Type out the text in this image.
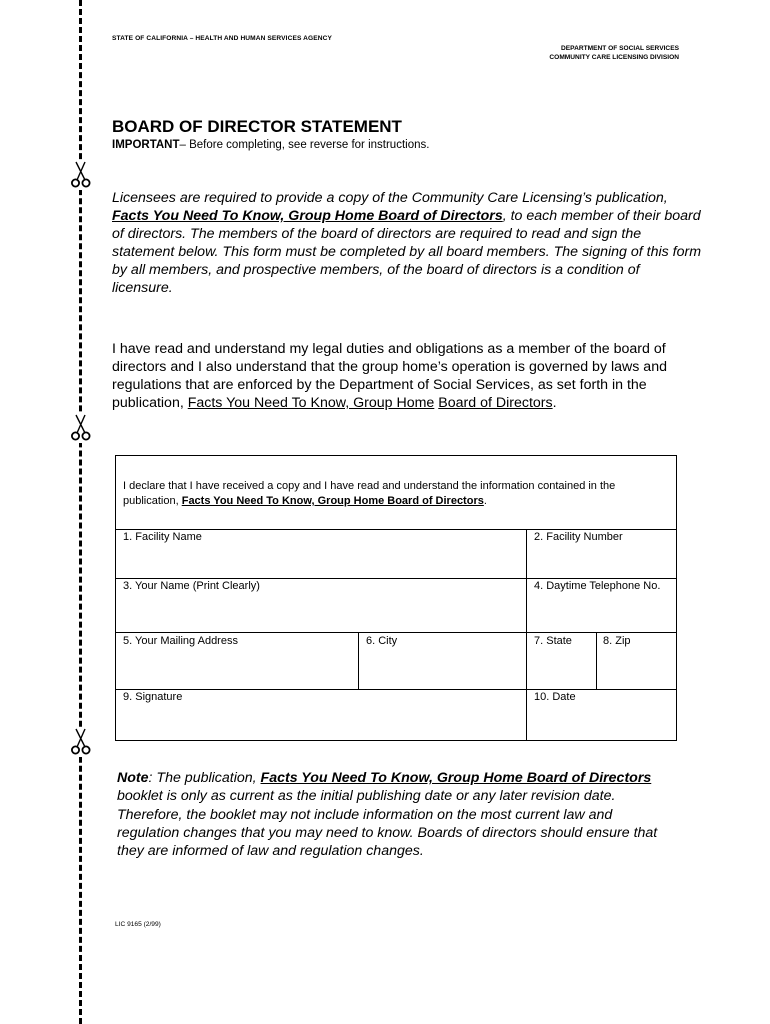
STATE OF CALIFORNIA – HEALTH AND HUMAN SERVICES AGENCY
DEPARTMENT OF SOCIAL SERVICES
COMMUNITY CARE LICENSING DIVISION
BOARD OF DIRECTOR STATEMENT
IMPORTANT– Before completing, see reverse for instructions.
Licensees are required to provide a copy of the Community Care Licensing’s publication, Facts You Need To Know, Group Home Board of Directors, to each member of their board of directors. The members of the board of directors are required to read and sign the statement below. This form must be completed by all board members. The signing of this form by all members, and prospective members, of the board of directors is a condition of licensure.
I have read and understand my legal duties and obligations as a member of the board of directors and I also understand that the group home’s operation is governed by laws and regulations that are enforced by the Department of Social Services, as set forth in the publication, Facts You Need To Know, Group Home Board of Directors.
I declare that I have received a copy and I have read and understand the information contained in the publication, Facts You Need To Know, Group Home Board of Directors.
1. Facility Name	2. Facility Number
3. Your Name (Print Clearly)	4. Daytime Telephone No.
5. Your Mailing Address	6. City	7. State	8. Zip
9. Signature	10. Date
Note: The publication, Facts You Need To Know, Group Home Board of Directors booklet is only as current as the initial publishing date or any later revision date. Therefore, the booklet may not include information on the most current law and regulation changes that you may need to know. Boards of directors should ensure that they are informed of law and regulation changes.
LIC 9165 (2/99)
